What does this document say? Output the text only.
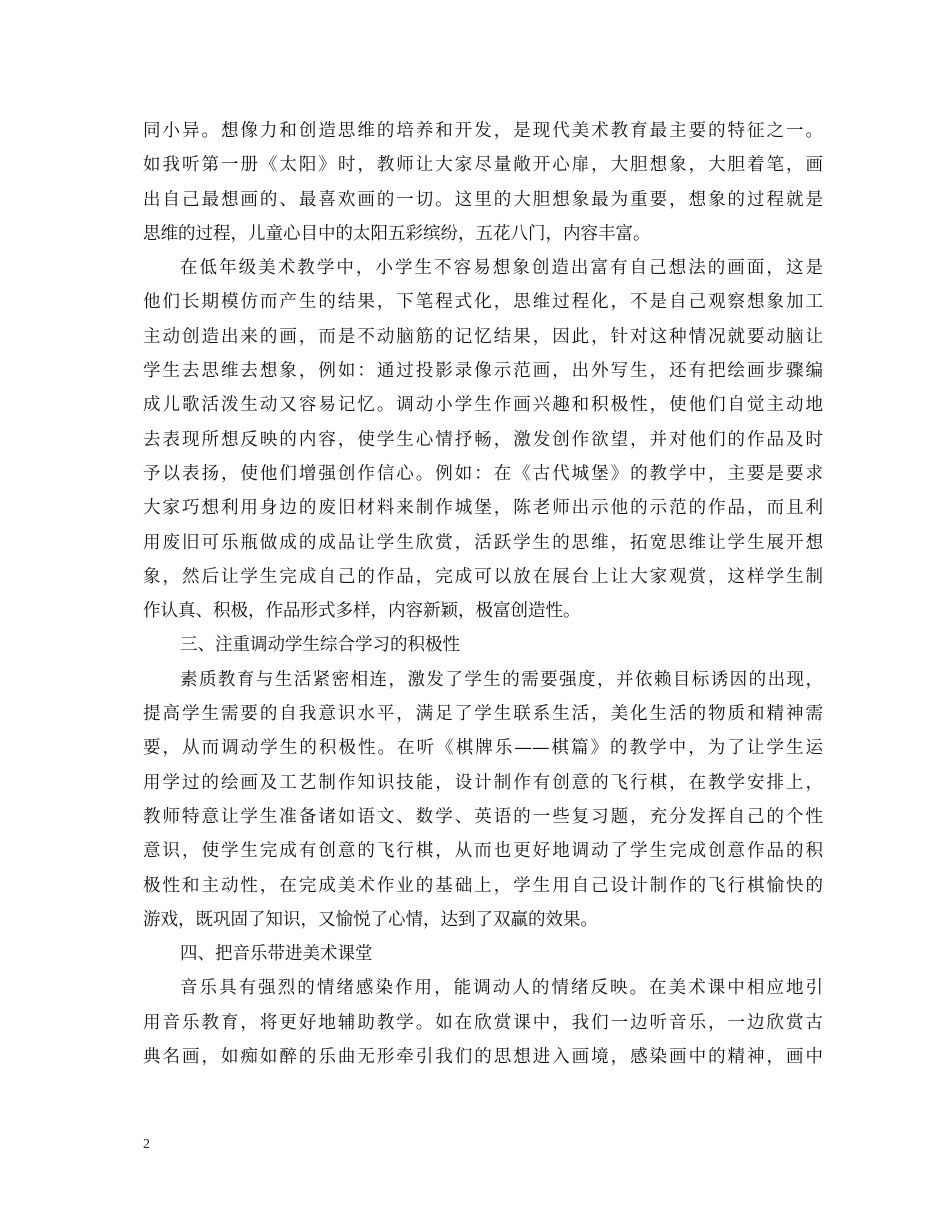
同小异。想像力和创造思维的培养和开发，是现代美术教育最主要的特征之一。
如我听第一册《太阳》时，教师让大家尽量敞开心扉，大胆想象，大胆着笔，画
出自己最想画的、最喜欢画的一切。这里的大胆想象最为重要，想象的过程就是
思维的过程，儿童心目中的太阳五彩缤纷，五花八门，内容丰富。
在低年级美术教学中，小学生不容易想象创造出富有自己想法的画面，这是
他们长期模仿而产生的结果，下笔程式化，思维过程化，不是自己观察想象加工
主动创造出来的画，而是不动脑筋的记忆结果，因此，针对这种情况就要动脑让
学生去思维去想象，例如：通过投影录像示范画，出外写生，还有把绘画步骤编
成儿歌活泼生动又容易记忆。调动小学生作画兴趣和积极性，使他们自觉主动地
去表现所想反映的内容，使学生心情抒畅，激发创作欲望，并对他们的作品及时
予以表扬，使他们增强创作信心。例如：在《古代城堡》的教学中，主要是要求
大家巧想利用身边的废旧材料来制作城堡，陈老师出示他的示范的作品，而且利
用废旧可乐瓶做成的成品让学生欣赏，活跃学生的思维，拓宽思维让学生展开想
象，然后让学生完成自己的作品，完成可以放在展台上让大家观赏，这样学生制
作认真、积极，作品形式多样，内容新颖，极富创造性。
三、注重调动学生综合学习的积极性
素质教育与生活紧密相连，激发了学生的需要强度，并依赖目标诱因的出现，
提高学生需要的自我意识水平，满足了学生联系生活，美化生活的物质和精神需
要，从而调动学生的积极性。在听《棋牌乐——棋篇》的教学中，为了让学生运
用学过的绘画及工艺制作知识技能，设计制作有创意的飞行棋，在教学安排上，
教师特意让学生准备诸如语文、数学、英语的一些复习题，充分发挥自己的个性
意识，使学生完成有创意的飞行棋，从而也更好地调动了学生完成创意作品的积
极性和主动性，在完成美术作业的基础上，学生用自己设计制作的飞行棋愉快的
游戏，既巩固了知识，又愉悦了心情，达到了双赢的效果。
四、把音乐带进美术课堂
音乐具有强烈的情绪感染作用，能调动人的情绪反映。在美术课中相应地引
用音乐教育，将更好地辅助教学。如在欣赏课中，我们一边听音乐，一边欣赏古
典名画，如痴如醉的乐曲无形牵引我们的思想进入画境，感染画中的精神，画中
2
